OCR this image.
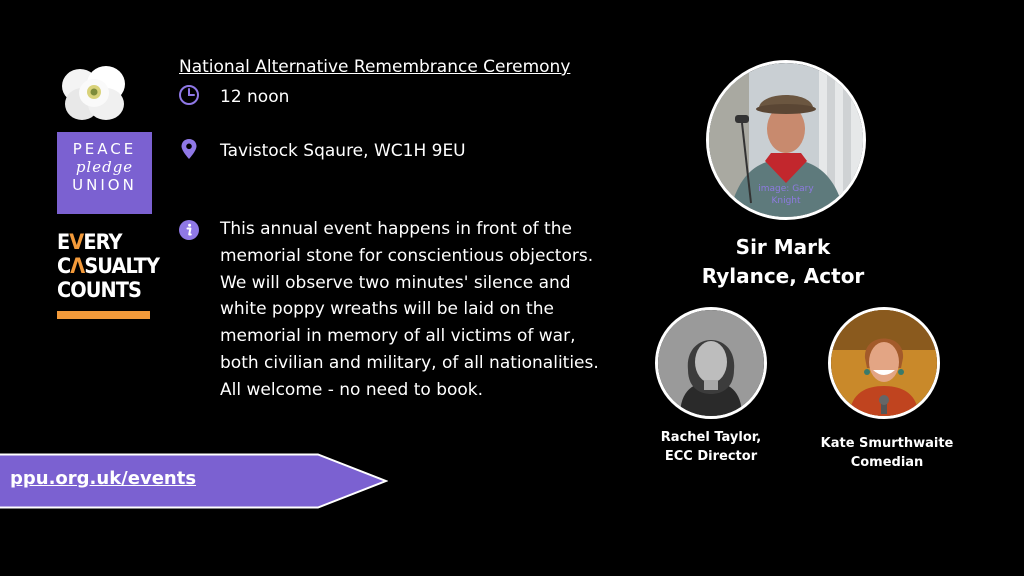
PEACE
pledge
UNION
EVERY
CΛSUALTY
COUNTS
National Alternative Remembrance Ceremony
12 noon
Tavistock Sqaure, WC1H 9EU
This annual event happens in front of the memorial stone for conscientious objectors. We will observe two minutes' silence and white poppy wreaths will be laid on the memorial in memory of all victims of war, both civilian and military, of all nationalities. All welcome - no need to book.
ppu.org.uk/events
image: Gary
Knight
Sir Mark
Rylance, Actor
Rachel Taylor,
ECC Director
Kate Smurthwaite
Comedian
